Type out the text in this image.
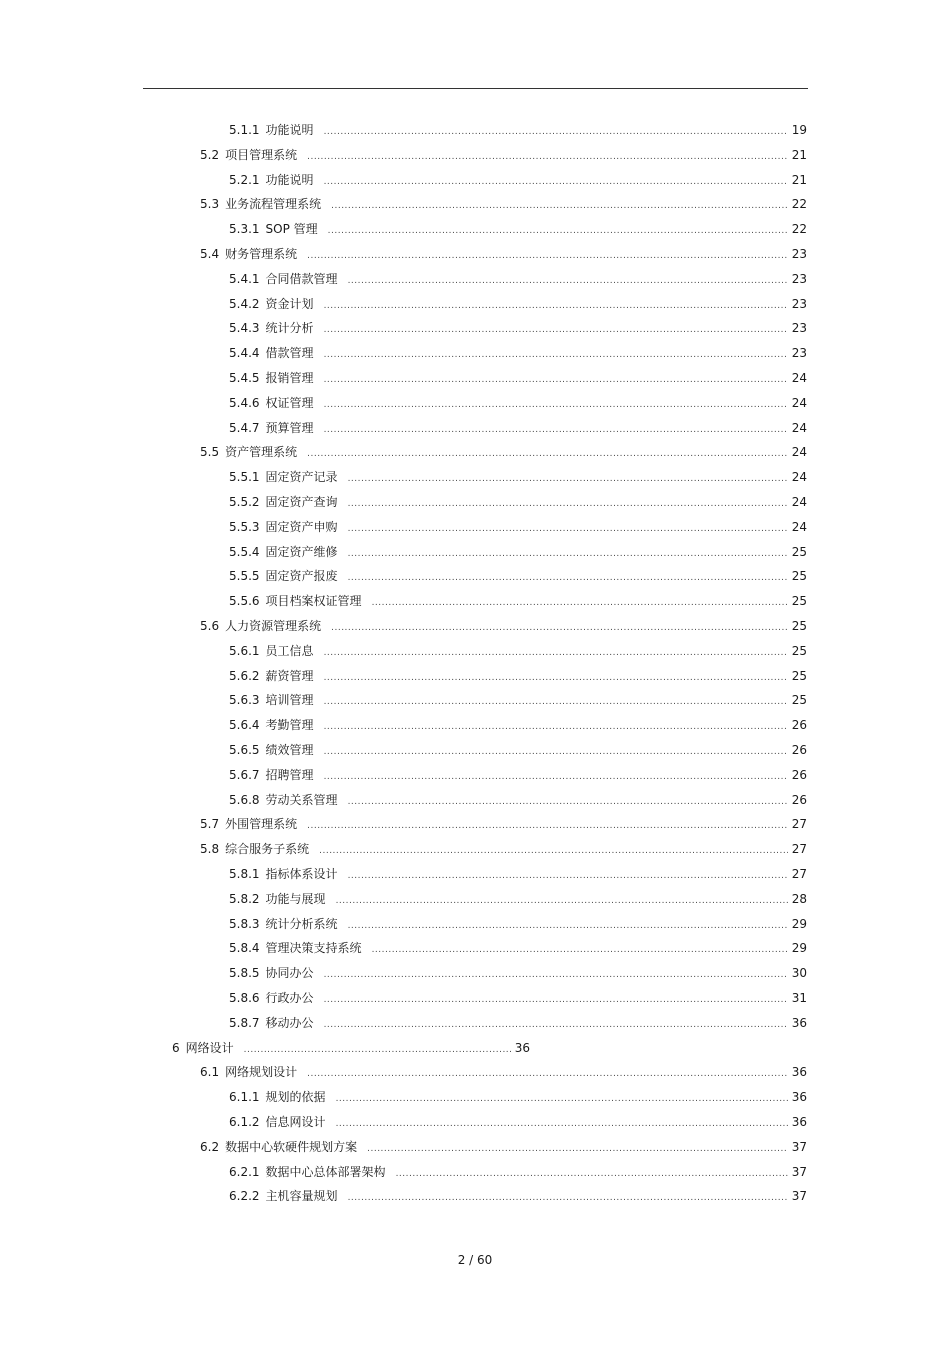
5.1.1 功能说明 .....	19
5.2 项目管理系统 .....	21
5.2.1 功能说明 .....	21
5.3 业务流程管理系统 .....	22
5.3.1 SOP 管理 .....	22
5.4 财务管理系统 .....	23
5.4.1 合同借款管理 .....	23
5.4.2 资金计划 .....	23
5.4.3 统计分析 .....	23
5.4.4 借款管理 .....	23
5.4.5 报销管理 .....	24
5.4.6 权证管理 .....	24
5.4.7 预算管理 .....	24
5.5 资产管理系统 .....	24
5.5.1 固定资产记录 .....	24
5.5.2 固定资产查询 .....	24
5.5.3 固定资产申购 .....	24
5.5.4 固定资产维修 .....	25
5.5.5 固定资产报废 .....	25
5.5.6 项目档案权证管理 .....	25
5.6 人力资源管理系统 .....	25
5.6.1 员工信息 .....	25
5.6.2 薪资管理 .....	25
5.6.3 培训管理 .....	25
5.6.4 考勤管理 .....	26
5.6.5 绩效管理 .....	26
5.6.7 招聘管理 .....	26
5.6.8 劳动关系管理 .....	26
5.7 外围管理系统 .....	27
5.8 综合服务子系统 .....	27
5.8.1 指标体系设计 .....	27
5.8.2 功能与展现 .....	28
5.8.3 统计分析系统 .....	29
5.8.4 管理决策支持系统 .....	29
5.8.5 协同办公 .....	30
5.8.6 行政办公 .....	31
5.8.7 移动办公 .....	36
6 网络设计 .....	36
6.1 网络规划设计 .....	36
6.1.1 规划的依据 .....	36
6.1.2 信息网设计 .....	36
6.2 数据中心软硬件规划方案 .....	37
6.2.1 数据中心总体部署架构 .....	37
6.2.2 主机容量规划 .....	37
2 / 60
